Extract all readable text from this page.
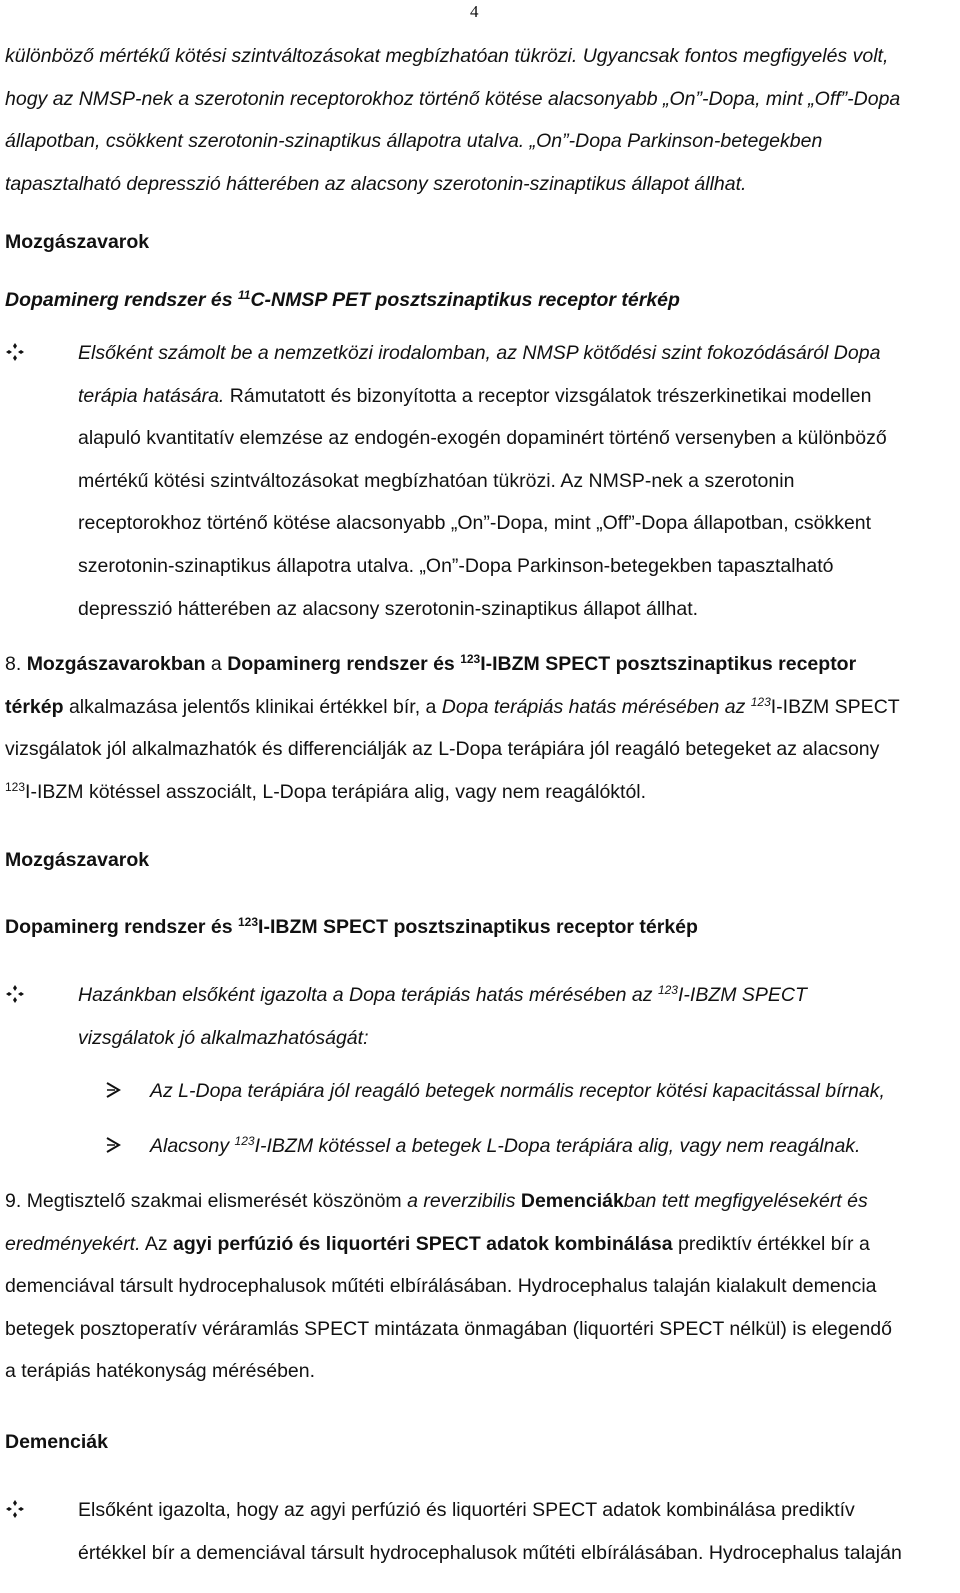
4
különböző mértékű kötési szintváltozásokat megbízhatóan tükrözi. Ugyancsak fontos megfigyelés volt,
hogy az NMSP-nek a szerotonin receptorokhoz történő kötése alacsonyabb „On”-Dopa, mint „Off”-Dopa
állapotban, csökkent szerotonin-szinaptikus állapotra utalva. „On”-Dopa Parkinson-betegekben
tapasztalható depresszió hátterében az alacsony szerotonin-szinaptikus állapot állhat.
Mozgászavarok
Dopaminerg rendszer és $^{11}$C-NMSP PET posztszinaptikus receptor térkép
Elsőként számolt be a nemzetközi irodalomban, az NMSP kötődési szint fokozódásáról Dopa
terápia hatására. Rámutatott és bizonyította a receptor vizsgálatok trészerkinetikai modellen
alapuló kvantitatív elemzése az endogén-exogén dopaminért történő versenyben a különböző
mértékű kötési szintváltozásokat megbízhatóan tükrözi. Az NMSP-nek a szerotonin
receptorokhoz történő kötése alacsonyabb „On”-Dopa, mint „Off”-Dopa állapotban, csökkent
szerotonin-szinaptikus állapotra utalva. „On”-Dopa Parkinson-betegekben tapasztalható
depresszió hátterében az alacsony szerotonin-szinaptikus állapot állhat.
8. Mozgászavarokban a Dopaminerg rendszer és $^{123}$I-IBZM SPECT posztszinaptikus receptor
térkép alkalmazása jelentős klinikai értékkel bír, a Dopa terápiás hatás mérésében az $^{123}$I-IBZM SPECT
vizsgálatok jól alkalmazhatók és differenciálják az L-Dopa terápiára jól reagáló betegeket az alacsony
$^{123}$I-IBZM kötéssel asszociált, L-Dopa terápiára alig, vagy nem reagálóktól.
Mozgászavarok
Dopaminerg rendszer és $^{123}$I-IBZM SPECT posztszinaptikus receptor térkép
Hazánkban elsőként igazolta a Dopa terápiás hatás mérésében az $^{123}$I-IBZM SPECT
vizsgálatok jó alkalmazhatóságát:
Az L-Dopa terápiára jól reagáló betegek normális receptor kötési kapacitással bírnak,
Alacsony $^{123}$I-IBZM kötéssel a betegek L-Dopa terápiára alig, vagy nem reagálnak.
9. Megtisztelő szakmai elismerését köszönöm a reverzibilis Demenciákban tett megfigyelésekért és
eredményekért. Az agyi perfúzió és liquortéri SPECT adatok kombinálása prediktív értékkel bír a
demenciával társult hydrocephalusok műtéti elbírálásában. Hydrocephalus talaján kialakult demencia
betegek posztoperatív véráramlás SPECT mintázata önmagában (liquortéri SPECT nélkül) is elegendő
a terápiás hatékonyság mérésében.
Demenciák
Elsőként igazolta, hogy az agyi perfúzió és liquortéri SPECT adatok kombinálása prediktív
értékkel bír a demenciával társult hydrocephalusok műtéti elbírálásában. Hydrocephalus talaján
